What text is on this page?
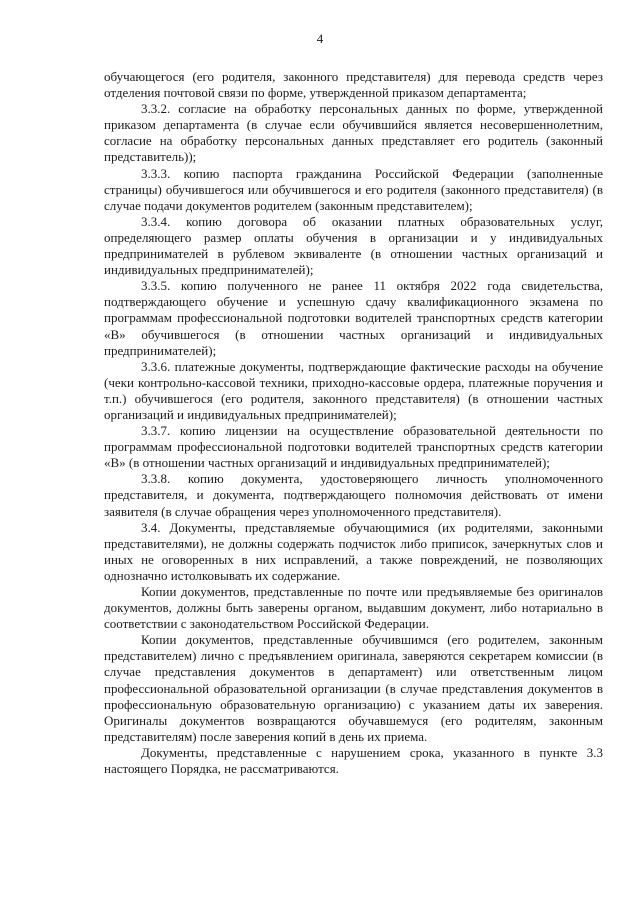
4

обучающегося (его родителя, законного представителя) для перевода средств через отделения почтовой связи по форме, утвержденной приказом департамента;

3.3.2. согласие на обработку персональных данных по форме, утвержденной приказом департамента (в случае если обучившийся является несовершеннолетним, согласие на обработку персональных данных представляет его родитель (законный представитель));

3.3.3. копию паспорта гражданина Российской Федерации (заполненные страницы) обучившегося или обучившегося и его родителя (законного представителя) (в случае подачи документов родителем (законным представителем);

3.3.4. копию договора об оказании платных образовательных услуг, определяющего размер оплаты обучения в организации и у индивидуальных предпринимателей в рублевом эквиваленте (в отношении частных организаций и индивидуальных предпринимателей);

3.3.5. копию полученного не ранее 11 октября 2022 года свидетельства, подтверждающего обучение и успешную сдачу квалификационного экзамена по программам профессиональной подготовки водителей транспортных средств категории «В» обучившегося (в отношении частных организаций и индивидуальных предпринимателей);

3.3.6. платежные документы, подтверждающие фактические расходы на обучение (чеки контрольно-кассовой техники, приходно-кассовые ордера, платежные поручения и т.п.) обучившегося (его родителя, законного представителя) (в отношении частных организаций и индивидуальных предпринимателей);

3.3.7. копию лицензии на осуществление образовательной деятельности по программам профессиональной подготовки водителей транспортных средств категории «В» (в отношении частных организаций и индивидуальных предпринимателей);

3.3.8. копию документа, удостоверяющего личность уполномоченного представителя, и документа, подтверждающего полномочия действовать от имени заявителя (в случае обращения через уполномоченного представителя).

3.4. Документы, представляемые обучающимися (их родителями, законными представителями), не должны содержать подчисток либо приписок, зачеркнутых слов и иных не оговоренных в них исправлений, а также повреждений, не позволяющих однозначно истолковывать их содержание.

Копии документов, представленные по почте или предъявляемые без оригиналов документов, должны быть заверены органом, выдавшим документ, либо нотариально в соответствии с законодательством Российской Федерации.

Копии документов, представленные обучившимся (его родителем, законным представителем) лично с предъявлением оригинала, заверяются секретарем комиссии (в случае представления документов в департамент) или ответственным лицом профессиональной образовательной организации (в случае представления документов в профессиональную образовательную организацию) с указанием даты их заверения. Оригиналы документов возвращаются обучавшемуся (его родителям, законным представителям) после заверения копий в день их приема.

Документы, представленные с нарушением срока, указанного в пункте 3.3 настоящего Порядка, не рассматриваются.
